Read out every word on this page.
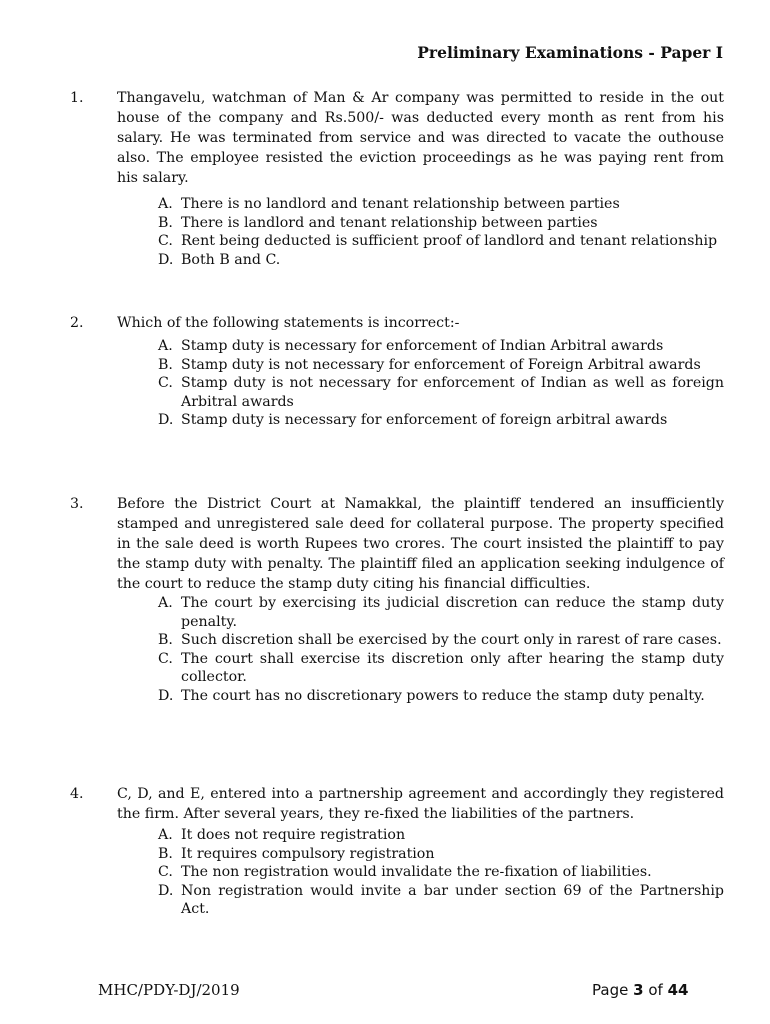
Preliminary Examinations - Paper I
1. Thangavelu, watchman of Man & Ar company was permitted to reside in the out house of the company and Rs.500/- was deducted every month as rent from his salary. He was terminated from service and was directed to vacate the outhouse also. The employee resisted the eviction proceedings as he was paying rent from his salary.
A. There is no landlord and tenant relationship between parties
B. There is landlord and tenant relationship between parties
C. Rent being deducted is sufficient proof of landlord and tenant relationship
D. Both B and C.
2. Which of the following statements is incorrect:-
A. Stamp duty is necessary for enforcement of Indian Arbitral awards
B. Stamp duty is not necessary for enforcement of Foreign Arbitral awards
C. Stamp duty is not necessary for enforcement of Indian as well as foreign Arbitral awards
D. Stamp duty is necessary for enforcement of foreign arbitral awards
3. Before the District Court at Namakkal, the plaintiff tendered an insufficiently stamped and unregistered sale deed for collateral purpose. The property specified in the sale deed is worth Rupees two crores. The court insisted the plaintiff to pay the stamp duty with penalty. The plaintiff filed an application seeking indulgence of the court to reduce the stamp duty citing his financial difficulties.
A. The court by exercising its judicial discretion can reduce the stamp duty penalty.
B. Such discretion shall be exercised by the court only in rarest of rare cases.
C. The court shall exercise its discretion only after hearing the stamp duty collector.
D. The court has no discretionary powers to reduce the stamp duty penalty.
4. C, D, and E, entered into a partnership agreement and accordingly they registered the firm. After several years, they re-fixed the liabilities of the partners.
A. It does not require registration
B. It requires compulsory registration
C. The non registration would invalidate the re-fixation of liabilities.
D. Non registration would invite a bar under section 69 of the Partnership Act.
MHC/PDY-DJ/2019	Page 3 of 44
